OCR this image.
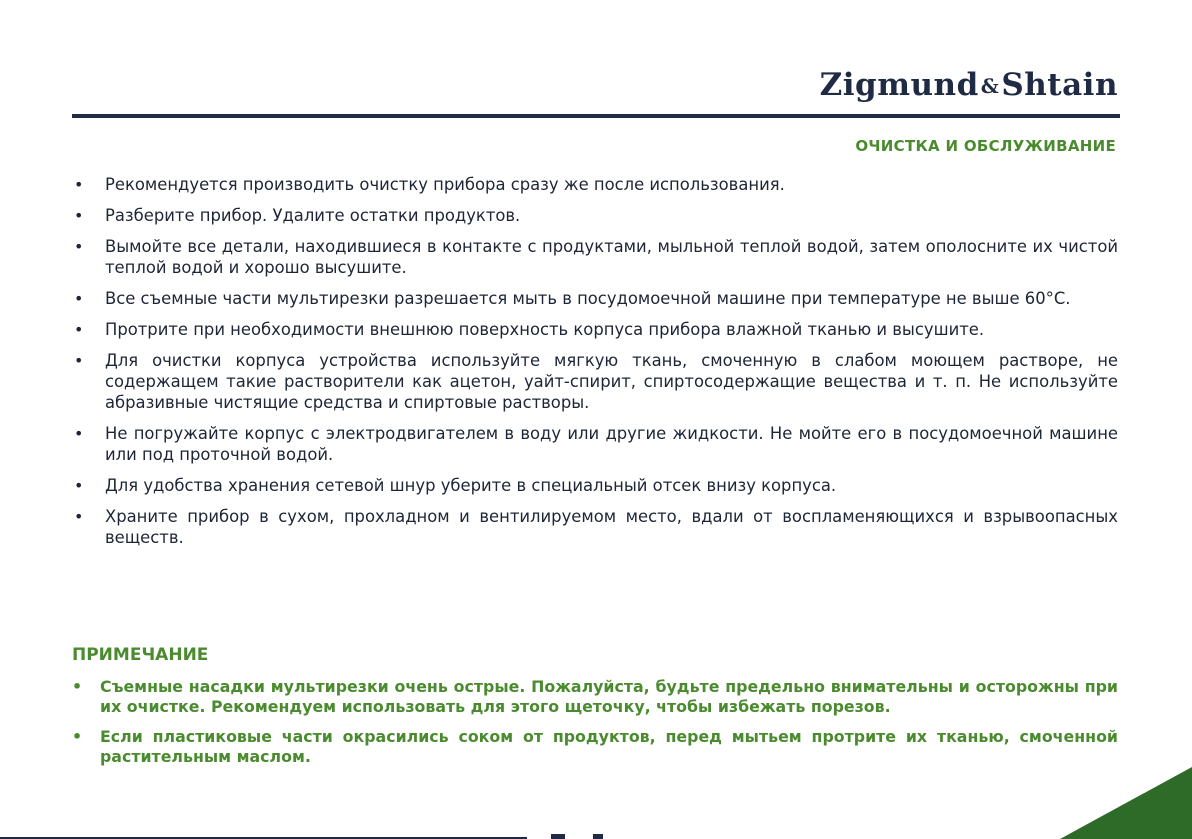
Zigmund &Shtain
ОЧИСТКА И ОБСЛУЖИВАНИЕ
• Рекомендуется производить очистку прибора сразу же после использования.
• Разберите прибор. Удалите остатки продуктов.
• Вымойте все детали, находившиеся в контакте с продуктами, мыльной теплой водой, затем ополосните их чистой теплой водой и хорошо высушите.
• Все съемные части мультирезки разрешается мыть в посудомоечной машине при температуре не выше 60°С.
• Протрите при необходимости внешнюю поверхность корпуса прибора влажной тканью и высушите.
• Для очистки корпуса устройства используйте мягкую ткань, смоченную в слабом моющем растворе, не содержащем такие растворители как ацетон, уайт-спирит, спиртосодержащие вещества и т. п. Не используйте абразивные чистящие средства и спиртовые растворы.
• Не погружайте корпус с электродвигателем в воду или другие жидкости. Не мойте его в посудомоечной машине или под проточной водой.
• Для удобства хранения сетевой шнур уберите в специальный отсек внизу корпуса.
• Храните прибор в сухом, прохладном и вентилируемом место, вдали от воспламеняющихся и взрывоопасных веществ.
ПРИМЕЧАНИЕ
• Съемные насадки мультирезки очень острые. Пожалуйста, будьте предельно внимательны и осторожны при их очистке. Рекомендуем использовать для этого щеточку, чтобы избежать порезов.
• Если пластиковые части окрасились соком от продуктов, перед мытьем протрите их тканью, смоченной растительным маслом.
